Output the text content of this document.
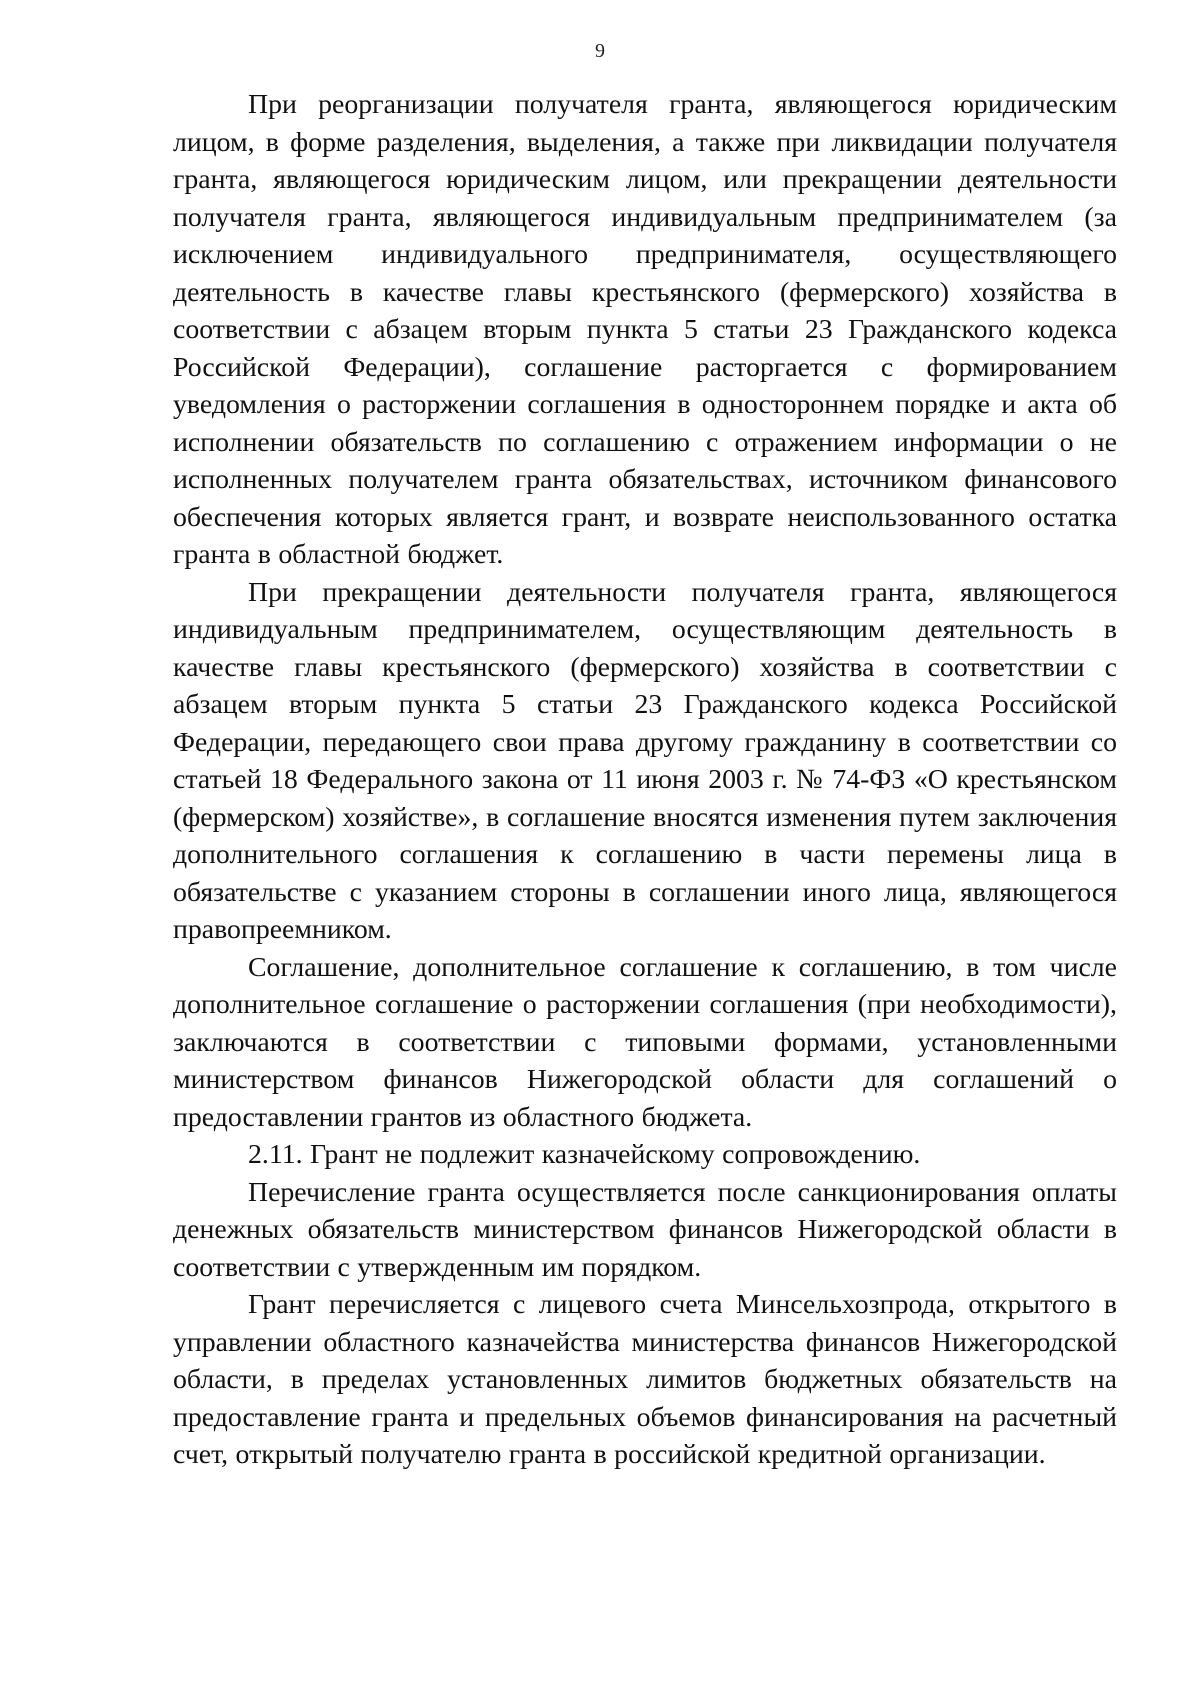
9

При реорганизации получателя гранта, являющегося юридическим лицом, в форме разделения, выделения, а также при ликвидации получателя гранта, являющегося юридическим лицом, или прекращении деятельности получателя гранта, являющегося индивидуальным предпринимателем (за исключением индивидуального предпринимателя, осуществляющего деятельность в качестве главы крестьянского (фермерского) хозяйства в соответствии с абзацем вторым пункта 5 статьи 23 Гражданского кодекса Российской Федерации), соглашение расторгается с формированием уведомления о расторжении соглашения в одностороннем порядке и акта об исполнении обязательств по соглашению с отражением информации о не исполненных получателем гранта обязательствах, источником финансового обеспечения которых является грант, и возврате неиспользованного остатка гранта в областной бюджет.

При прекращении деятельности получателя гранта, являющегося индивидуальным предпринимателем, осуществляющим деятельность в качестве главы крестьянского (фермерского) хозяйства в соответствии с абзацем вторым пункта 5 статьи 23 Гражданского кодекса Российской Федерации, передающего свои права другому гражданину в соответствии со статьей 18 Федерального закона от 11 июня 2003 г. № 74-ФЗ «О крестьянском (фермерском) хозяйстве», в соглашение вносятся изменения путем заключения дополнительного соглашения к соглашению в части перемены лица в обязательстве с указанием стороны в соглашении иного лица, являющегося правопреемником.

Соглашение, дополнительное соглашение к соглашению, в том числе дополнительное соглашение о расторжении соглашения (при необходимости), заключаются в соответствии с типовыми формами, установленными министерством финансов Нижегородской области для соглашений о предоставлении грантов из областного бюджета.

2.11. Грант не подлежит казначейскому сопровождению.

Перечисление гранта осуществляется после санкционирования оплаты денежных обязательств министерством финансов Нижегородской области в соответствии с утвержденным им порядком.

Грант перечисляется с лицевого счета Минсельхозпрода, открытого в управлении областного казначейства министерства финансов Нижегородской области, в пределах установленных лимитов бюджетных обязательств на предоставление гранта и предельных объемов финансирования на расчетный счет, открытый получателю гранта в российской кредитной организации.
